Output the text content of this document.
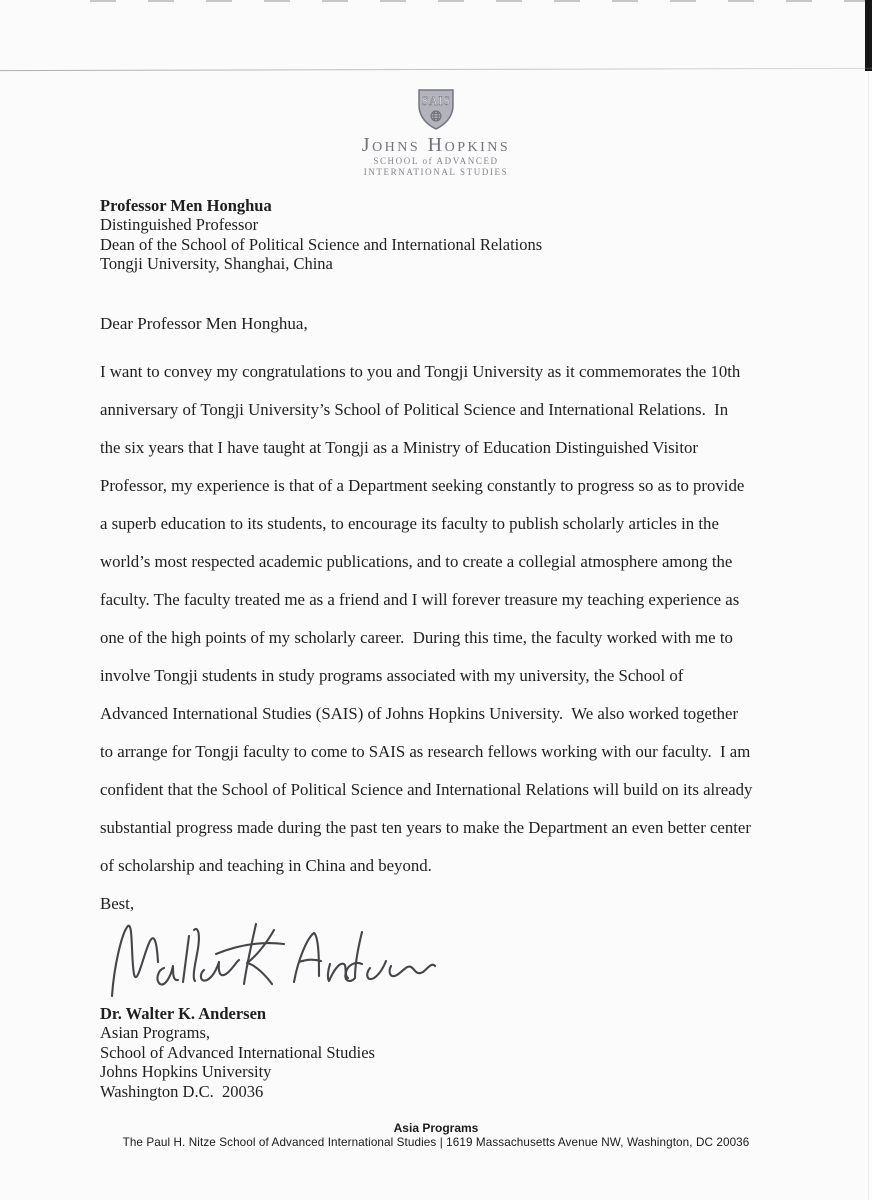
SAIS
Johns Hopkins
SCHOOL of ADVANCED
INTERNATIONAL STUDIES
Professor Men Honghua
Distinguished Professor
Dean of the School of Political Science and International Relations
Tongji University, Shanghai, China
Dear Professor Men Honghua,
I want to convey my congratulations to you and Tongji University as it commemorates the 10th
anniversary of Tongji University’s School of Political Science and International Relations.  In
the six years that I have taught at Tongji as a Ministry of Education Distinguished Visitor
Professor, my experience is that of a Department seeking constantly to progress so as to provide
a superb education to its students, to encourage its faculty to publish scholarly articles in the
world’s most respected academic publications, and to create a collegial atmosphere among the
faculty. The faculty treated me as a friend and I will forever treasure my teaching experience as
one of the high points of my scholarly career.  During this time, the faculty worked with me to
involve Tongji students in study programs associated with my university, the School of
Advanced International Studies (SAIS) of Johns Hopkins University.  We also worked together
to arrange for Tongji faculty to come to SAIS as research fellows working with our faculty.  I am
confident that the School of Political Science and International Relations will build on its already
substantial progress made during the past ten years to make the Department an even better center
of scholarship and teaching in China and beyond.
Best,
Dr. Walter K. Andersen
Asian Programs,
School of Advanced International Studies
Johns Hopkins University
Washington D.C.  20036
Asia Programs
The Paul H. Nitze School of Advanced International Studies | 1619 Massachusetts Avenue NW, Washington, DC 20036
